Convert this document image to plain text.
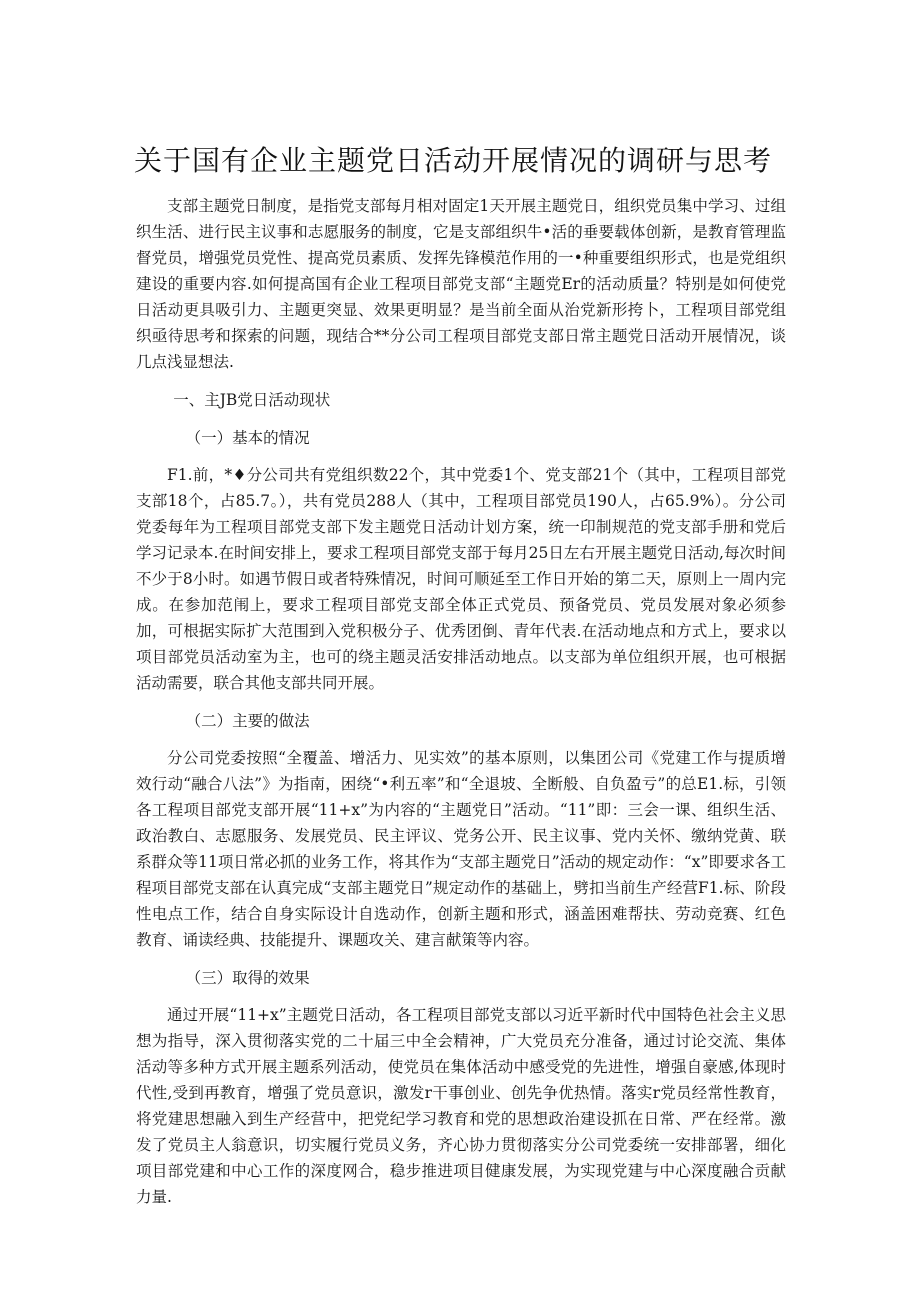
关于国有企业主题党日活动开展情况的调研与思考

支部主题党日制度，是指党支部每月相对固定1天开展主题党日，组织党员集中学习、过组织生活、进行民主议事和志愿服务的制度，它是支部组织牛•活的垂要载体创新，是教育管理监督党员，增强党员党性、提高党员素质、发挥先锋模范作用的一•种重要组织形式，也是党组织建设的重要内容.如何提高国有企业工程项目部党支部“主题党Er的活动质量？特别是如何使党日活动更具吸引力、主题更突显、效果更明显？是当前全面从治党新形挎卜，工程项目部党组织亟待思考和探索的问题，现结合**分公司工程项目部党支部日常主题党日活动开展情况，谈几点浅显想法.

一、主JB党日活动现状

（一）基本的情况

F1.前，*♦分公司共有党组织数22个，其中党委1个、党支部21个（其中，工程项目部党支部18个，占85.7。），共有党员288人（其中，工程项目部党员190人，占65.9%）。分公司党委每年为工程项目部党支部下发主题党日活动计划方案，统一印制规范的党支部手册和党后学习记录本.在时间安排上，要求工程项目部党支部于每月25日左右开展主题党日活动,每次时间不少于8小时。如遇节假日或者特殊情况，时间可顺延至工作日开始的第二天，原则上一周内完成。在参加范闱上，要求工程项目部党支部全体正式党员、预备党员、党员发展对象必须参加，可根据实际扩大范围到入党积极分子、优秀团倒、青年代表.在活动地点和方式上，要求以项目部党员活动室为主，也可的绕主题灵活安排活动地点。以支部为单位组织开展，也可根据活动需要，联合其他支部共同开展。

（二）主要的做法

分公司党委按照“全覆盖、增活力、见实效”的基本原则，以集团公司《党建工作与提质增效行动“融合八法”》为指南，困绕“•利五率”和“全退坡、全断般、自负盈亏”的总E1.标，引领各工程项目部党支部开展“11+x”为内容的“主题党日”活动。“11”即：三会一课、组织生活、政治教白、志愿服务、发展党员、民主评议、党务公开、民主议事、党内关怀、缴纳党黄、联系群众等11项日常必抓的业务工作，将其作为“支部主题党日”活动的规定动作：“x”即要求各工程项目部党支部在认真完成“支部主题党日”规定动作的基础上，劈扣当前生产经营F1.标、阶段性电点工作，结合自身实际设计自选动作，创新主题和形式，涵盖困难帮扶、劳动竞赛、红色教育、诵读经典、技能提升、课题攻关、建言献策等内容。

（三）取得的效果

通过开展“11+x”主题党日活动，各工程项目部党支部以习近平新时代中国特色社会主义思想为指导，深入贯彻落实党的二十届三中全会精神，广大党员充分准备，通过讨论交流、集体活动等多种方式开展主题系列活动，使党员在集体活动中感受党的先进性，增强自豪感,体现时代性,受到再教育，增强了党员意识，激发r干事创业、创先争优热情。落实r党员经常性教育，将党建思想融入到生产经营中，把党纪学习教育和党的思想政治建设抓在日常、严在经常。激发了党员主人翁意识，切实履行党员义务，齐心协力贯彻落实分公司党委统一安排部署，细化项目部党建和中心工作的深度网合，稳步推进项目健康发展，为实现党建与中心深度融合贡献力量.
